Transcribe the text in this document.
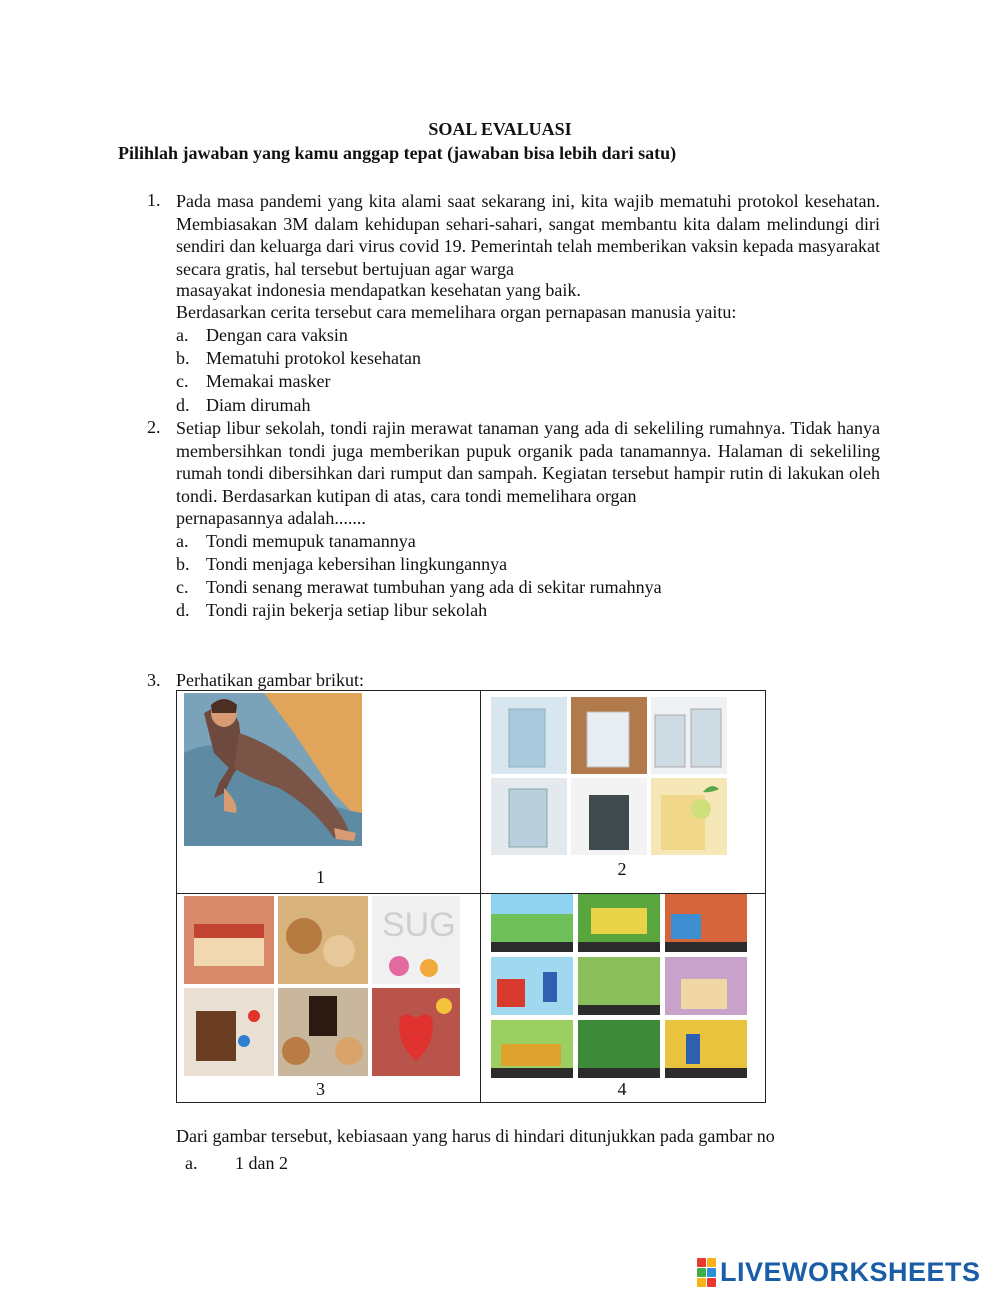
SOAL EVALUASI
Pilihlah jawaban yang kamu anggap tepat (jawaban bisa lebih dari satu)
1. Pada masa pandemi yang kita alami saat sekarang ini, kita wajib mematuhi protokol kesehatan. Membiasakan 3M dalam kehidupan sehari-sahari, sangat membantu kita dalam melindungi diri sendiri dan keluarga dari virus covid 19. Pemerintah telah memberikan vaksin kepada masyarakat secara gratis, hal tersebut bertujuan agar warga
masayakat indonesia mendapatkan kesehatan yang baik.
Berdasarkan cerita tersebut cara memelihara organ pernapasan manusia yaitu:
a. Dengan cara vaksin
b. Mematuhi protokol kesehatan
c. Memakai masker
d. Diam dirumah
2. Setiap libur sekolah, tondi rajin merawat tanaman yang ada di sekeliling rumahnya. Tidak hanya membersihkan tondi juga memberikan pupuk organik pada tanamannya. Halaman di sekeliling rumah tondi dibersihkan dari rumput dan sampah. Kegiatan tersebut hampir rutin di lakukan oleh tondi. Berdasarkan kutipan di atas, cara tondi memelihara organ
pernapasannya adalah.......
a. Tondi memupuk tanamannya
b. Tondi menjaga kebersihan lingkungannya
c. Tondi senang merawat tumbuhan yang ada di sekitar rumahnya
d. Tondi rajin bekerja setiap libur sekolah
3. Perhatikan gambar brikut:
1	2

SUG
3	4
Dari gambar tersebut, kebiasaan yang harus di hindari ditunjukkan pada gambar no
a. 1 dan 2
LIVEWORKSHEETS
